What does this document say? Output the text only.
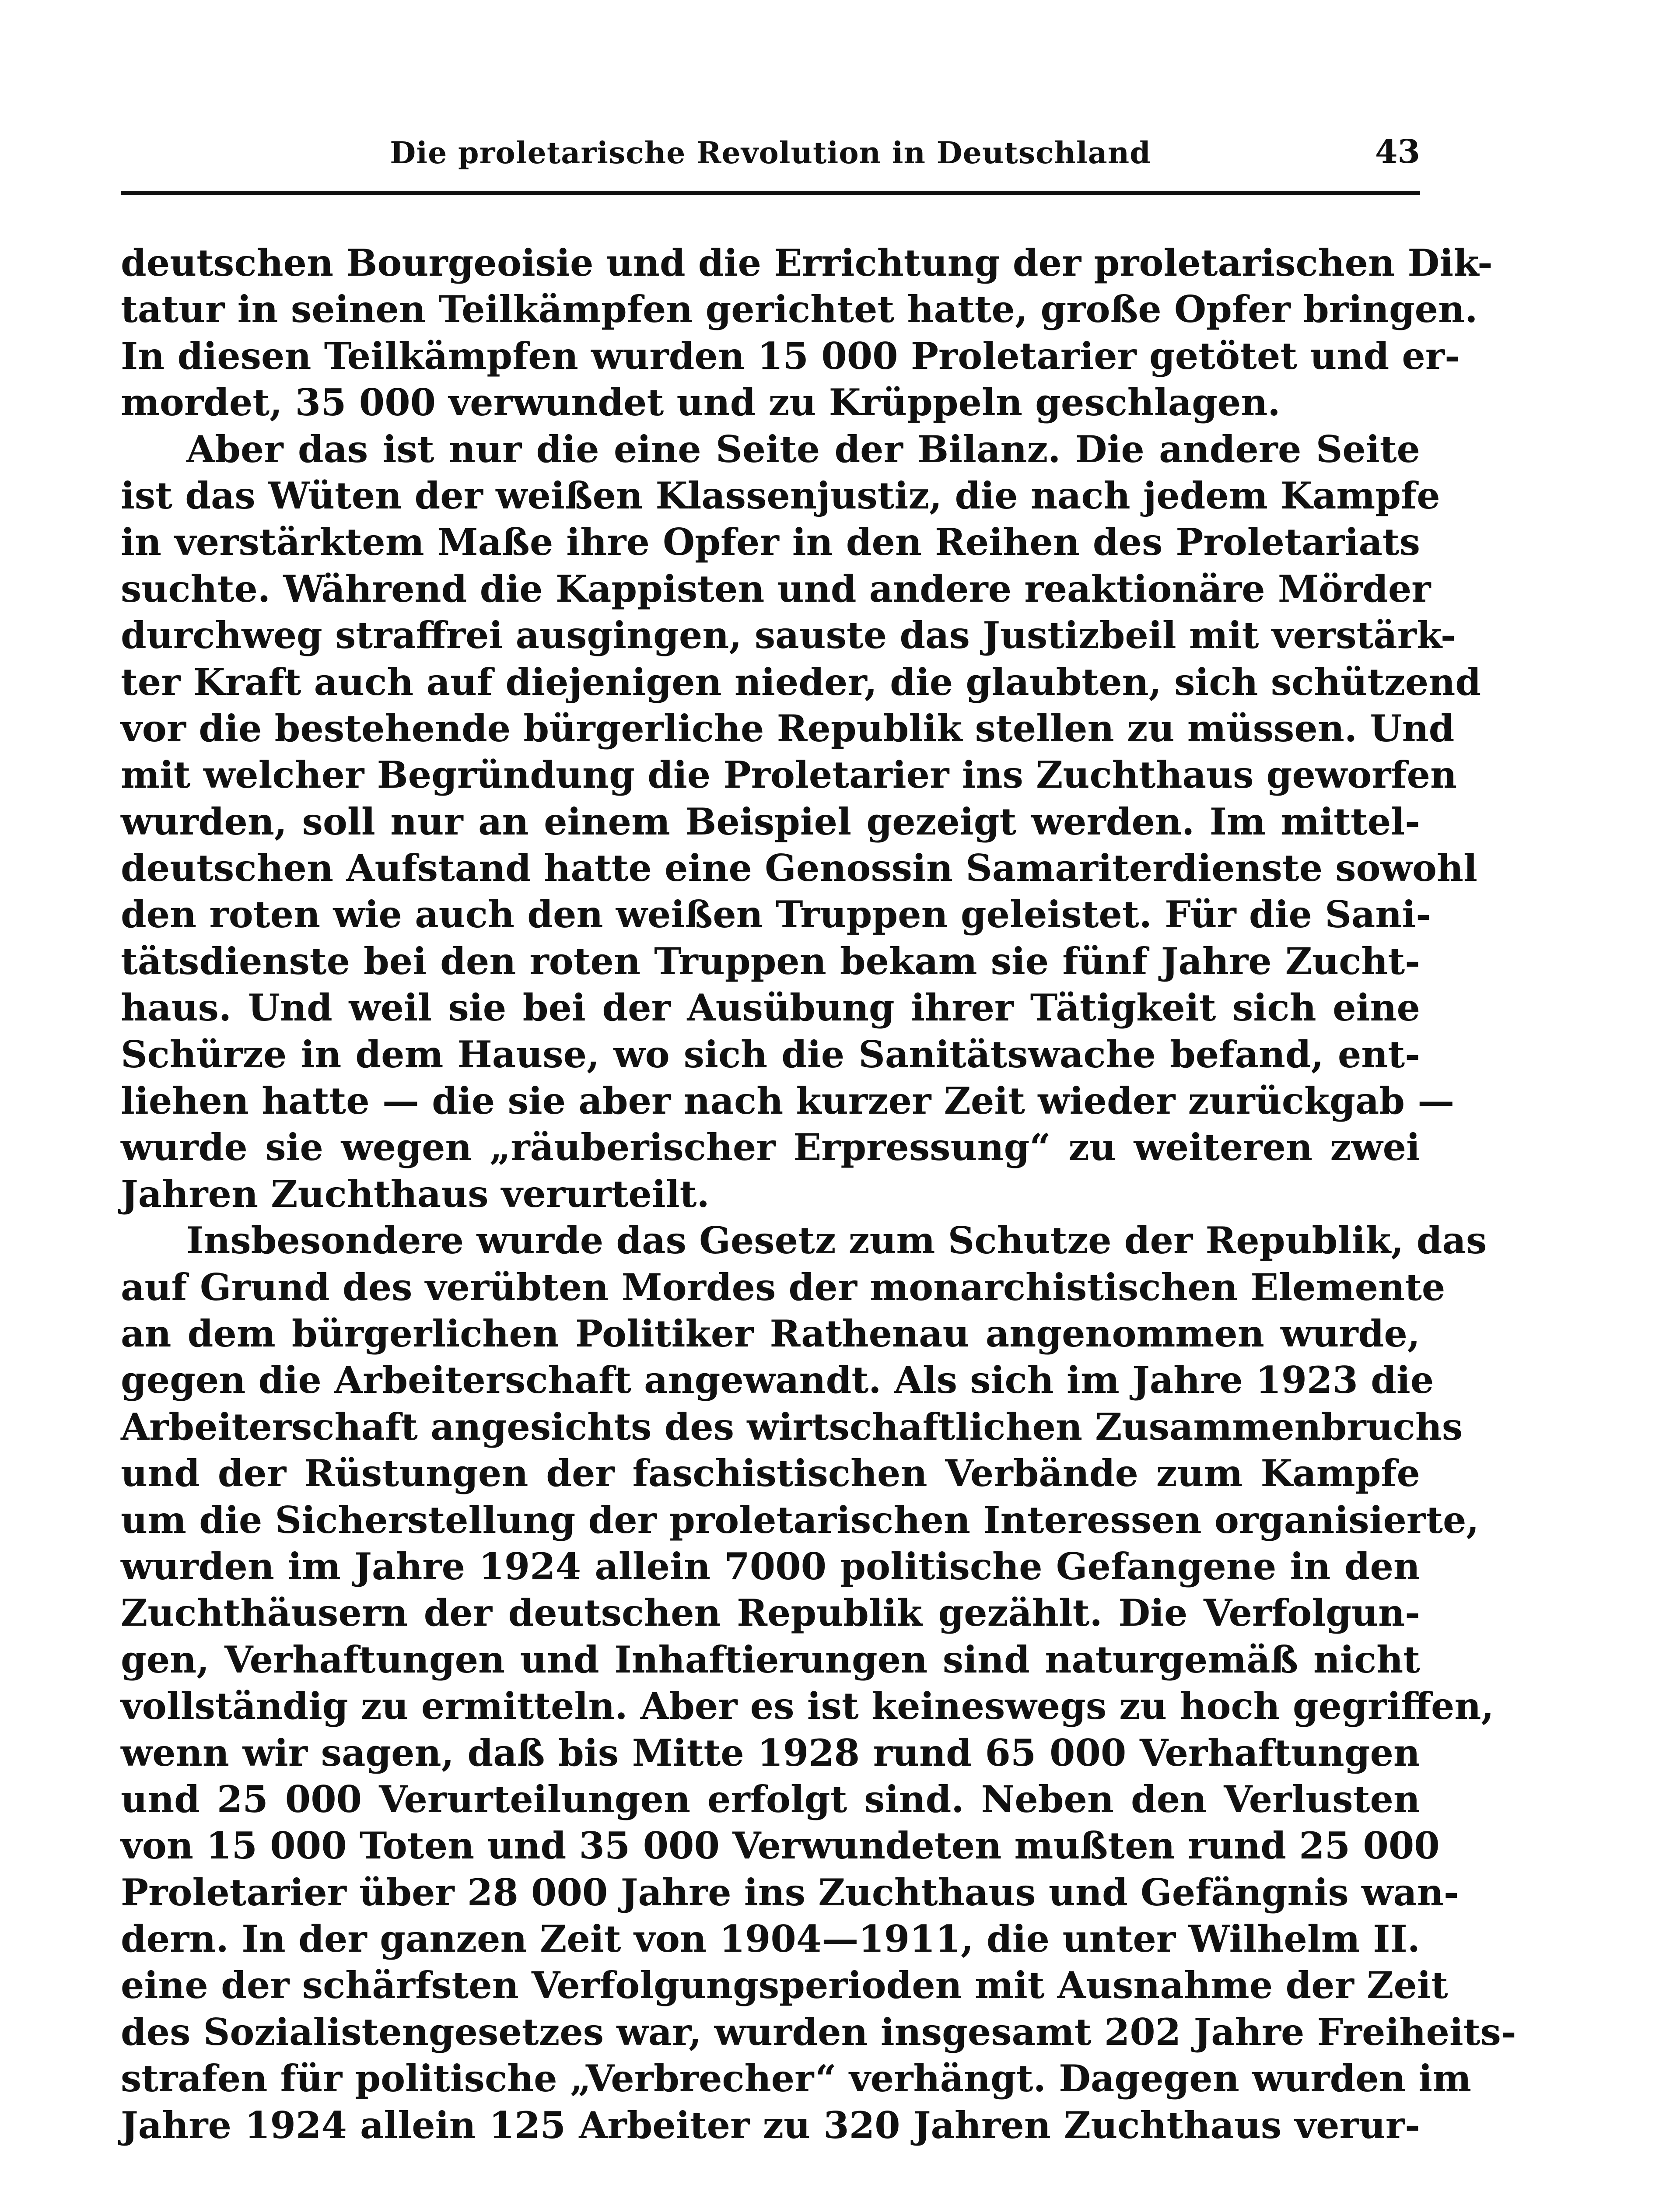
Die proletarische Revolution in Deutschland	43
deutschen Bourgeoisie und die Errichtung der proletarischen Dik-
tatur in seinen Teilkämpfen gerichtet hatte, große Opfer bringen.
In diesen Teilkämpfen wurden 15 000 Proletarier getötet und er-
mordet, 35 000 verwundet und zu Krüppeln geschlagen.
Aber das ist nur die eine Seite der Bilanz. Die andere Seite
ist das Wüten der weißen Klassenjustiz, die nach jedem Kampfe
in verstärktem Maße ihre Opfer in den Reihen des Proletariats
suchte. Während die Kappisten und andere reaktionäre Mörder
durchweg straffrei ausgingen, sauste das Justizbeil mit verstärk-
ter Kraft auch auf diejenigen nieder, die glaubten, sich schützend
vor die bestehende bürgerliche Republik stellen zu müssen. Und
mit welcher Begründung die Proletarier ins Zuchthaus geworfen
wurden, soll nur an einem Beispiel gezeigt werden. Im mittel-
deutschen Aufstand hatte eine Genossin Samariterdienste sowohl
den roten wie auch den weißen Truppen geleistet. Für die Sani-
tätsdienste bei den roten Truppen bekam sie fünf Jahre Zucht-
haus. Und weil sie bei der Ausübung ihrer Tätigkeit sich eine
Schürze in dem Hause, wo sich die Sanitätswache befand, ent-
liehen hatte — die sie aber nach kurzer Zeit wieder zurückgab —
wurde sie wegen „räuberischer Erpressung“ zu weiteren zwei
Jahren Zuchthaus verurteilt.
Insbesondere wurde das Gesetz zum Schutze der Republik, das
auf Grund des verübten Mordes der monarchistischen Elemente
an dem bürgerlichen Politiker Rathenau angenommen wurde,
gegen die Arbeiterschaft angewandt. Als sich im Jahre 1923 die
Arbeiterschaft angesichts des wirtschaftlichen Zusammenbruchs
und der Rüstungen der faschistischen Verbände zum Kampfe
um die Sicherstellung der proletarischen Interessen organisierte,
wurden im Jahre 1924 allein 7000 politische Gefangene in den
Zuchthäusern der deutschen Republik gezählt. Die Verfolgun-
gen, Verhaftungen und Inhaftierungen sind naturgemäß nicht
vollständig zu ermitteln. Aber es ist keineswegs zu hoch gegriffen,
wenn wir sagen, daß bis Mitte 1928 rund 65 000 Verhaftungen
und 25 000 Verurteilungen erfolgt sind. Neben den Verlusten
von 15 000 Toten und 35 000 Verwundeten mußten rund 25 000
Proletarier über 28 000 Jahre ins Zuchthaus und Gefängnis wan-
dern. In der ganzen Zeit von 1904—1911, die unter Wilhelm II.
eine der schärfsten Verfolgungsperioden mit Ausnahme der Zeit
des Sozialistengesetzes war, wurden insgesamt 202 Jahre Freiheits-
strafen für politische „Verbrecher“ verhängt. Dagegen wurden im
Jahre 1924 allein 125 Arbeiter zu 320 Jahren Zuchthaus verur-
